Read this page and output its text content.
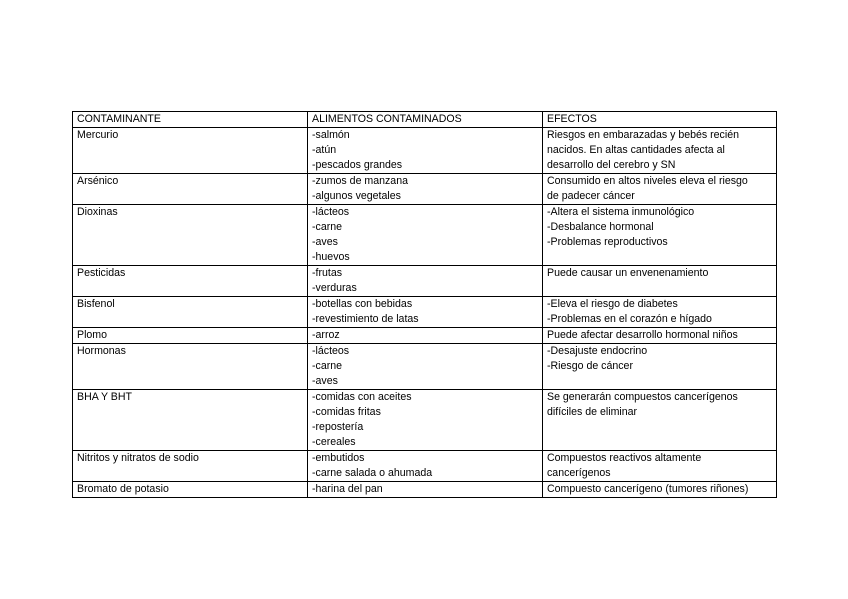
CONTAMINANTE	ALIMENTOS CONTAMINADOS	EFECTOS
Mercurio	-salmón
-atún
-pescados grandes	Riesgos en embarazadas y bebés recién
nacidos. En altas cantidades afecta al
desarrollo del cerebro y SN

Arsénico	-zumos de manzana
-algunos vegetales	Consumido en altos niveles eleva el riesgo
de padecer cáncer

Dioxinas	-lácteos
-carne
-aves
-huevos	-Altera el sistema inmunológico
-Desbalance hormonal
-Problemas reproductivos

Pesticidas	-frutas
-verduras	Puede causar un envenenamiento

Bisfenol	-botellas con bebidas
-revestimiento de latas	-Eleva el riesgo de diabetes
-Problemas en el corazón e hígado

Plomo	-arroz	Puede afectar desarrollo hormonal niños

Hormonas	-lácteos
-carne
-aves	-Desajuste endocrino
-Riesgo de cáncer

BHA Y BHT	-comidas con aceites
-comidas fritas
-repostería
-cereales	Se generarán compuestos cancerígenos
difíciles de eliminar

Nitritos y nitratos de sodio	-embutidos
-carne salada o ahumada	Compuestos reactivos altamente
cancerígenos

Bromato de potasio	-harina del pan	Compuesto cancerígeno (tumores riñones)
